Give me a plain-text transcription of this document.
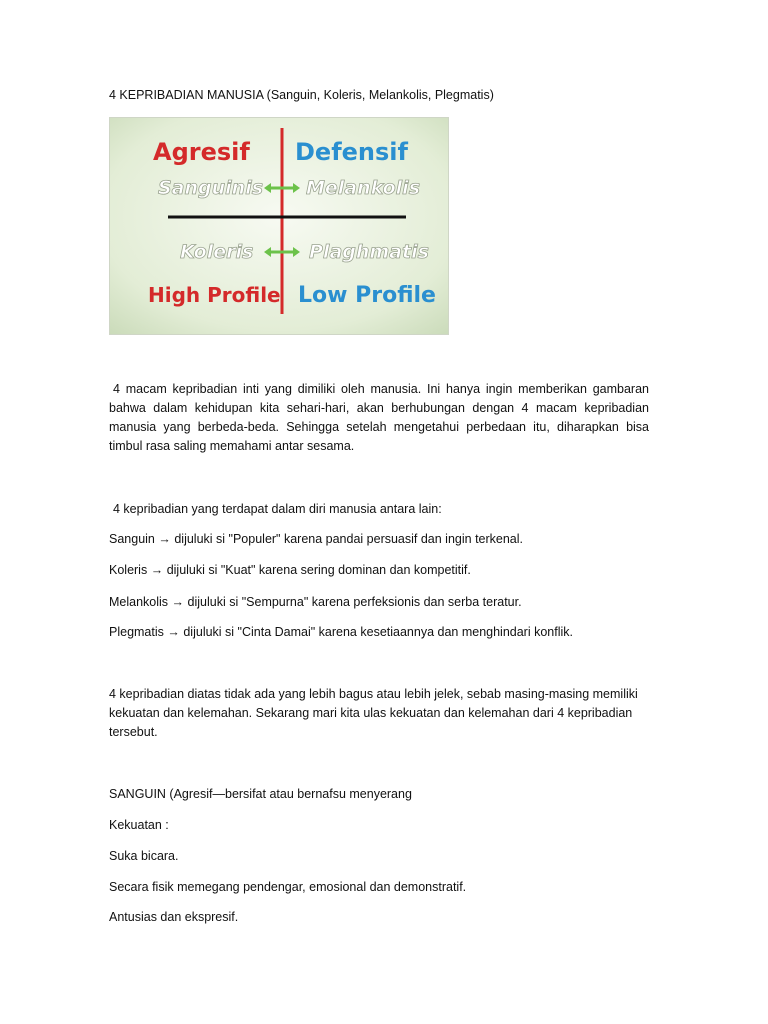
4 KEPRIBADIAN MANUSIA (Sanguin, Koleris, Melankolis, Plegmatis)
Agresif Defensif
Sanguinis Melankolis
Koleris	Plaghmatis
High Profile Low Profile
4 macam kepribadian inti yang dimiliki oleh manusia. Ini hanya ingin memberikan gambaran bahwa dalam kehidupan kita sehari-hari, akan berhubungan dengan 4 macam kepribadian manusia yang berbeda-beda. Sehingga setelah mengetahui perbedaan itu, diharapkan bisa timbul rasa saling memahami antar sesama.
4 kepribadian yang terdapat dalam diri manusia antara lain:
Sanguin → dijuluki si "Populer" karena pandai persuasif dan ingin terkenal.
Koleris → dijuluki si "Kuat" karena sering dominan dan kompetitif.
Melankolis → dijuluki si "Sempurna" karena perfeksionis dan serba teratur.
Plegmatis → dijuluki si "Cinta Damai" karena kesetiaannya dan menghindari konflik.
4 kepribadian diatas tidak ada yang lebih bagus atau lebih jelek, sebab masing-masing memiliki kekuatan dan kelemahan. Sekarang mari kita ulas kekuatan dan kelemahan dari 4 kepribadian tersebut.
SANGUIN (Agresif—bersifat atau bernafsu menyerang
Kekuatan :
Suka bicara.
Secara fisik memegang pendengar, emosional dan demonstratif.
Antusias dan ekspresif.
